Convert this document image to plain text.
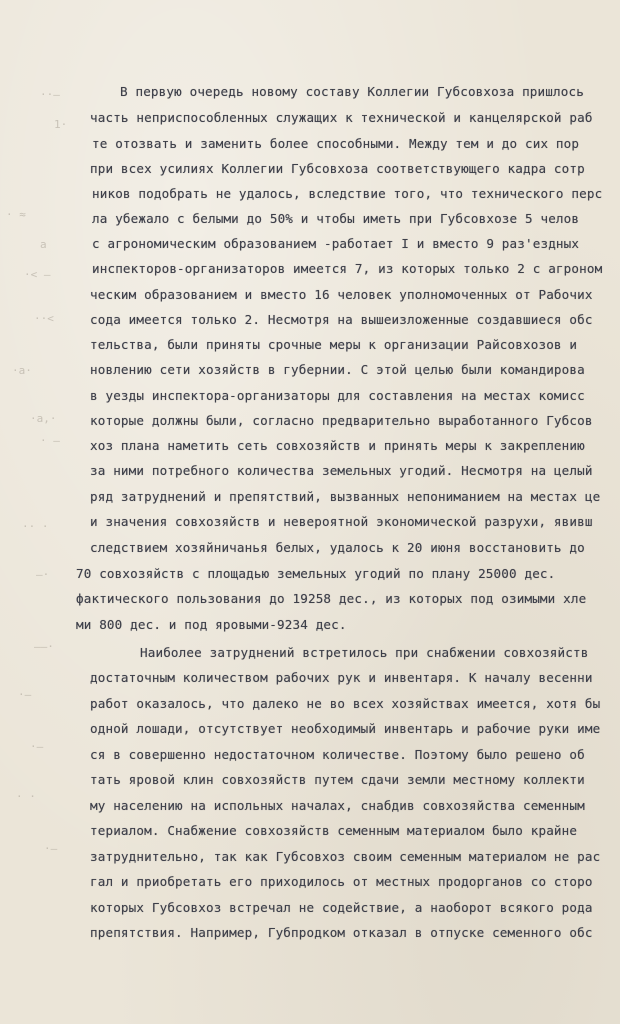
··—
1·
· ≈
a
·< —
··<
·a·
·a,·
· —
·· ·
—·
——·
·—
·—
· ·
·—
В первую очередь новому составу Коллегии Губсовхоза пришлось
часть неприспособленных служащих к технической и канцелярской раб
те отозвать и заменить более способными. Между тем и до сих пор
при всех усилиях Коллегии Губсовхоза соответствующего кадра сотр
ников подобрать не удалось, вследствие того, что технического перс
ла убежало с белыми до 50% и чтобы иметь при Губсовхозе 5 челов
с агрономическим образованием -работает I и вместо 9 раз'ездных
инспекторов-организаторов имеется 7, из которых только 2 с агроном
ческим образованием и вместо 16 человек уполномоченных от Рабочих
сода имеется только 2. Несмотря на вышеизложенные создавшиеся обс
тельства, были приняты срочные меры к организации Райсовхозов и
новлению сети хозяйств в губернии. С этой целью были командирова
в уезды инспектора-организаторы для составления на местах комисс
которые должны были, согласно предварительно выработанного Губсов
хоз плана наметить сеть совхозяйств и принять меры к закреплению
за ними потребного количества земельных угодий. Несмотря на целый
ряд затруднений и препятствий, вызванных непониманием на местах це
и значения совхозяйств и невероятной экономической разрухи, явивш
следствием хозяйничанья белых, удалось к 20 июня восстановить до
70 совхозяйств с площадью земельных угодий по плану 25000 дес.
фактического пользования до 19258 дес., из которых под озимыми хле
ми 800 дес. и под яровыми-9234 дес.
Наиболее затруднений встретилось при снабжении совхозяйств
достаточным количеством рабочих рук и инвентаря. К началу весенни
работ оказалось, что далеко не во всех хозяйствах имеется, хотя бы
одной лошади, отсутствует необходимый инвентарь и рабочие руки име
ся в совершенно недостаточном количестве. Поэтому было решено об
тать яровой клин совхозяйств путем сдачи земли местному коллекти
му населению на испольных началах, снабдив совхозяйства семенным
териалом. Снабжение совхозяйств семенным материалом было крайне
затруднительно, так как Губсовхоз своим семенным материалом не рас
гал и приобретать его приходилось от местных продорганов со сторо
которых Губсовхоз встречал не содействие, а наоборот всякого рода
препятствия. Например, Губпродком отказал в отпуске семенного обс
